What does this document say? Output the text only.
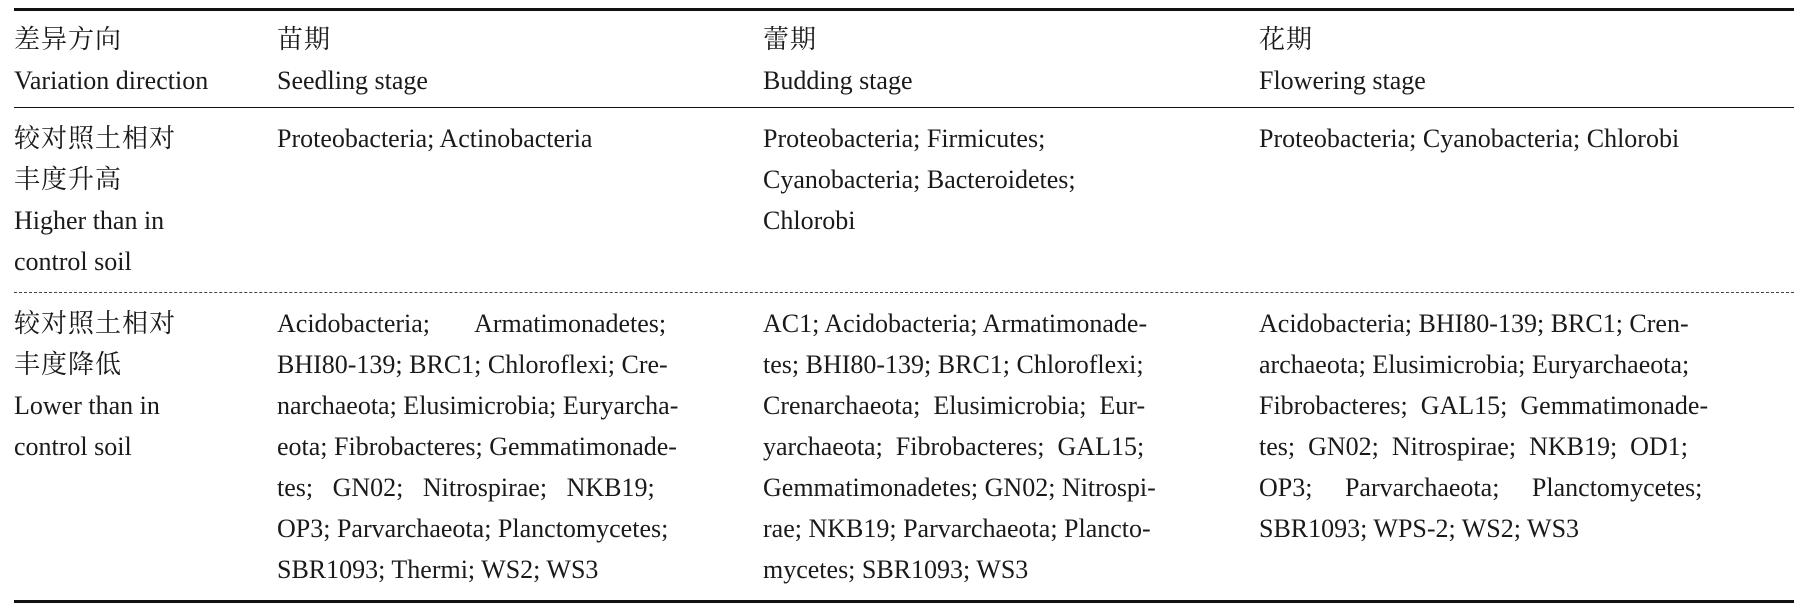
差异方向
Variation direction
苗期
Seedling stage
蕾期
Budding stage
花期
Flowering stage
较对照土相对
丰度升高
Higher than in
control soil
Proteobacteria; Actinobacteria	Proteobacteria; Firmicutes;
Cyanobacteria; Bacteroidetes;
Chlorobi
Proteobacteria; Cyanobacteria; Chlorobi
较对照土相对
丰度降低
Lower than in
control soil
Acidobacteria;       Armatimonadetes;
BHI80-139; BRC1; Chloroflexi; Cre-
narchaeota; Elusimicrobia; Euryarcha-
eota; Fibrobacteres; Gemmatimonade-
tes;   GN02;   Nitrospirae;   NKB19;
OP3; Parvarchaeota; Planctomycetes;
SBR1093; Thermi; WS2; WS3
AC1; Acidobacteria; Armatimonade-
tes; BHI80-139; BRC1; Chloroflexi;
Crenarchaeota;  Elusimicrobia;  Eur-
yarchaeota;  Fibrobacteres;  GAL15;
Gemmatimonadetes; GN02; Nitrospi-
rae; NKB19; Parvarchaeota; Plancto-
mycetes; SBR1093; WS3
Acidobacteria; BHI80-139; BRC1; Cren-
archaeota; Elusimicrobia; Euryarchaeota;
Fibrobacteres;  GAL15;  Gemmatimonade-
tes;  GN02;  Nitrospirae;  NKB19;  OD1;
OP3;     Parvarchaeota;     Planctomycetes;
SBR1093; WPS-2; WS2; WS3
